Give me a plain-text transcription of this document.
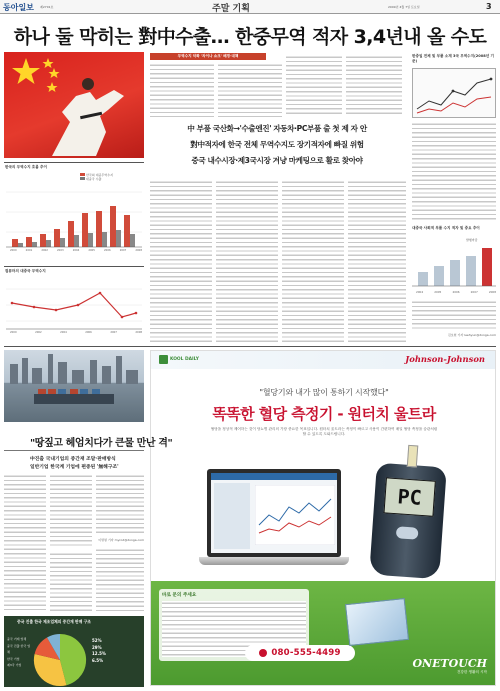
동아일보 제2701호	주말 기획	2009년 4월 7일 토요일	3
하나 둘 막히는 對中수출… 한중무역 적자 3,4년내 올 수도
한국의 무역수지 흐름 추이
한국의 대중무역수지
대중국 수출
2000	2001	2002	2003	2004	2005	2006	2007	2008
컴퓨터의 대중국 무역수지
2000	2002	2004	2006	2007	2008
무역수지 악화 '차이나 쇼크' 배경·대책
中 부품 국산화→'수출엔진' 자동차·PC부품 출 첫 제 자 안
對中적자에 한국 전체 무역수지도 장기적자에 빠질 위험
중국 내수시장·제3국시장 겨냥 마케팅으로 활로 찾아야
한중일 전체 및 부품 소재 3국 무역수지(2008년 기준)
대중국 사회적 부품 수지 적자 및 중요 추이
2004	2005	2006	2007	2008
발행마감
김보현 기자 leehyun@donga.com
KOOL DAILY	Johnson-Johnson
"혈당기와 내가 많이 통하기 시작했다"
똑똑한 혈당 측정기 - 원터치 울트라
혈당을 정상적 제어하는 것이 당뇨병 관리의 가장 중요한 목표입니다. 원터치 울트라는 측정이 빠르고 사용이 간편하여 매일 혈당 측정을 습관처럼 할 수 있도록 도와드립니다.
PC
바로 문의 주세요
080-555-4499
ONETOUCH
건강한 생활의 시작
"땅짚고 헤엄치다가 큰물 만난 격"
中진출 국내기업의 중간재 조달·판매방식
일반기업 한국계 기업에 편중된 '無해구조'
이명렬 기자 myrod@donga.com
중국 진출 한국 제조업체의 중간재 판매 구조
중국 거래 업체
중국 진출 한국 업체
한국 기업
제3국 기업
52%
29%
12.5%
6.5%
